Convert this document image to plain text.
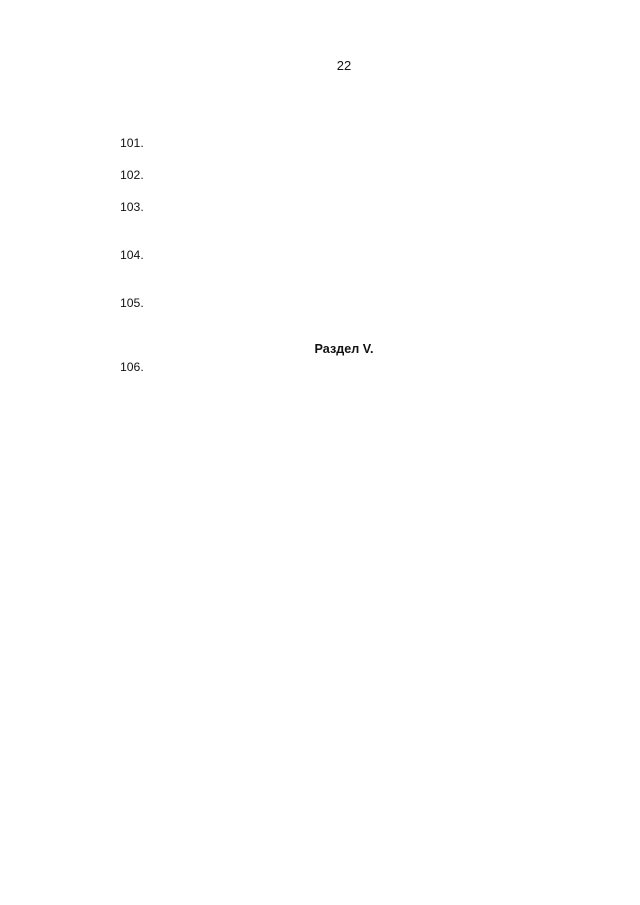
22

101.

102.

103.

104.

105.

Раздел V.

106.
